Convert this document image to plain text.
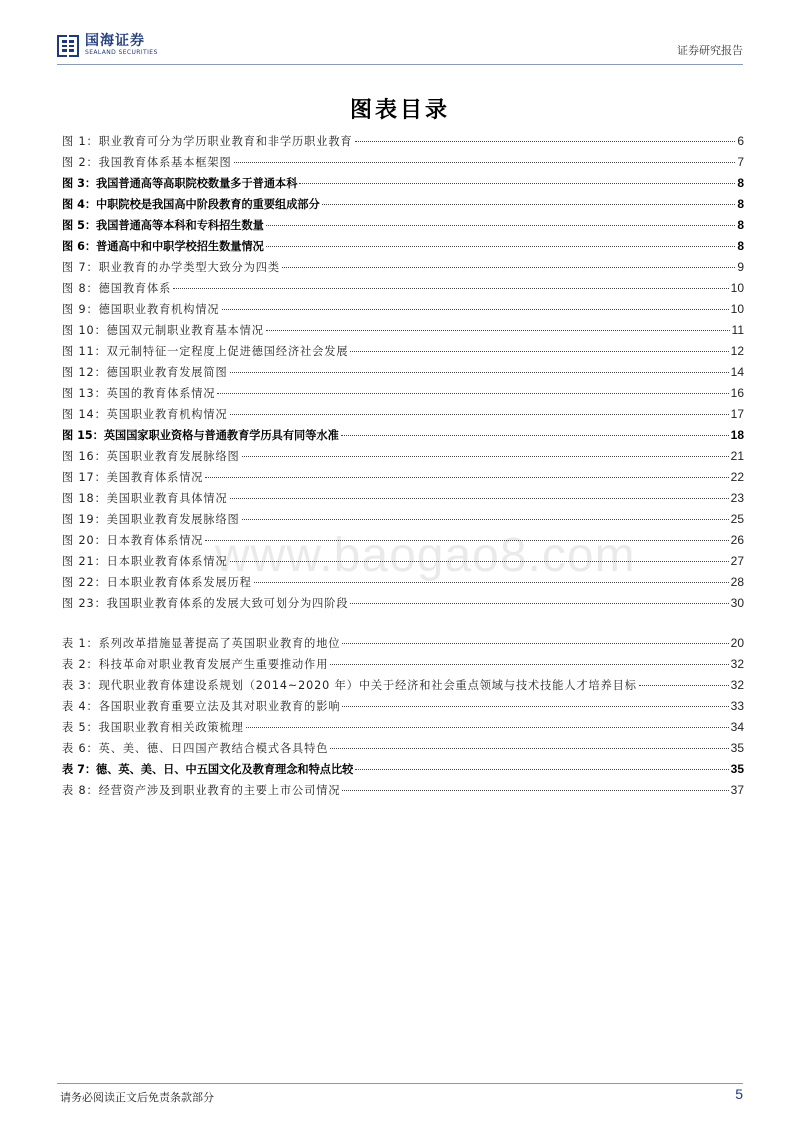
国海证券
SEALAND SECURITIES	证券研究报告
图表目录
www.baogao8.com
图 1：职业教育可分为学历职业教育和非学历职业教育	6
图 2：我国教育体系基本框架图	7
图 3：我国普通高等高职院校数量多于普通本科	8
图 4：中职院校是我国高中阶段教育的重要组成部分	8
图 5：我国普通高等本科和专科招生数量	8
图 6：普通高中和中职学校招生数量情况	8
图 7：职业教育的办学类型大致分为四类	9
图 8：德国教育体系	10
图 9：德国职业教育机构情况	10
图 10：德国双元制职业教育基本情况	11
图 11：双元制特征一定程度上促进德国经济社会发展	12
图 12：德国职业教育发展简图	14
图 13：英国的教育体系情况	16
图 14：英国职业教育机构情况	17
图 15：英国国家职业资格与普通教育学历具有同等水准	18
图 16：英国职业教育发展脉络图	21
图 17：美国教育体系情况	22
图 18：美国职业教育具体情况	23
图 19：美国职业教育发展脉络图	25
图 20：日本教育体系情况	26
图 21：日本职业教育体系情况	27
图 22：日本职业教育体系发展历程	28
图 23：我国职业教育体系的发展大致可划分为四阶段	30
表 1：系列改革措施显著提高了英国职业教育的地位	20
表 2：科技革命对职业教育发展产生重要推动作用	32
表 3：现代职业教育体建设系规划（2014~2020 年）中关于经济和社会重点领域与技术技能人才培养目标	32
表 4：各国职业教育重要立法及其对职业教育的影响	33
表 5：我国职业教育相关政策梳理	34
表 6：英、美、德、日四国产教结合模式各具特色	35
表 7：德、英、美、日、中五国文化及教育理念和特点比较	35
表 8：经营资产涉及到职业教育的主要上市公司情况	37
请务必阅读正文后免责条款部分	5
